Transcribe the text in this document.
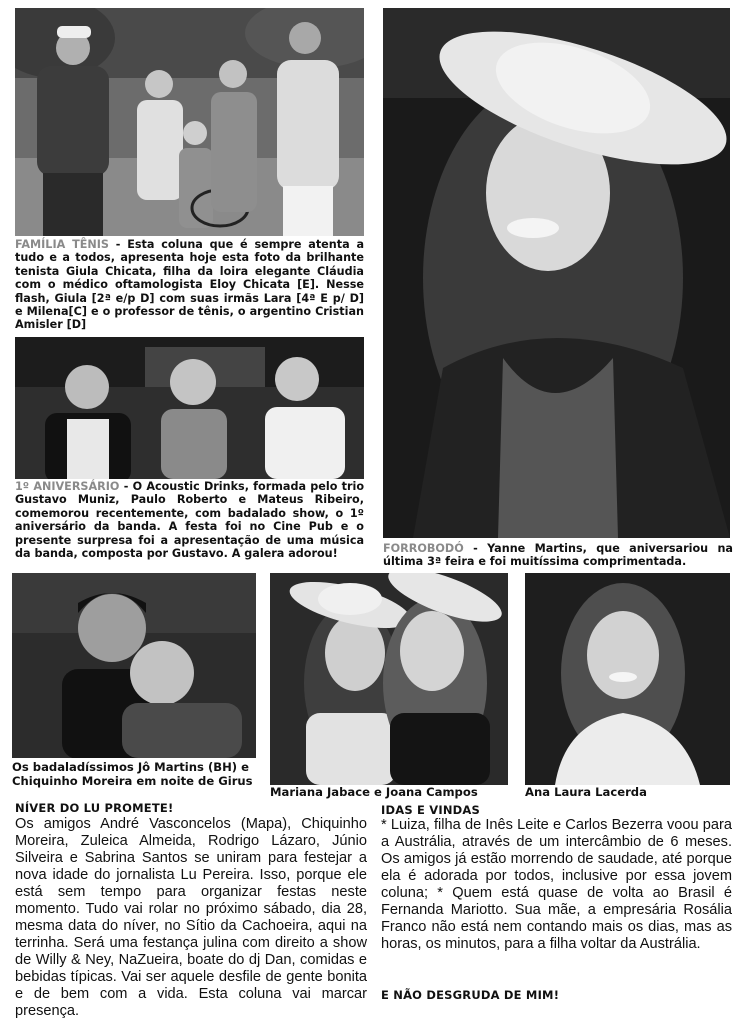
FAMÍLIA TÊNIS - Esta coluna que é sempre atenta a tudo e a todos, apresenta hoje esta foto da brilhante tenista Giula Chicata, filha da loira elegante Cláudia com o médico oftamologista Eloy Chicata [E]. Nesse flash, Giula [2ª e/p D] com suas irmãs Lara [4ª E p/ D] e Milena[C] e o professor de tênis, o argentino Cristian Amisler [D]

1º ANIVERSÁRIO - O Acoustic Drinks, formada pelo trio Gustavo Muniz, Paulo Roberto e Mateus Ribeiro, comemorou recentemente, com badalado show, o 1º aniversário da banda. A festa foi no Cine Pub e o presente surpresa foi a apresentação de uma música da banda, composta por Gustavo. A galera adorou!	FORROBODÓ - Yanne Martins, que aniversariou na última 3ª feira e foi muitíssima comprimentada.

Os badaladíssimos Jô Martins (BH) e Chiquinho Moreira em noite de Girus

Mariana Jabace e Joana Campos	Ana Laura Lacerda

NÍVER DO LU PROMETE!

Os amigos André Vasconcelos (Mapa), Chiquinho Moreira, Zuleica Almeida, Rodrigo Lázaro, Júnio Silveira e Sabrina Santos se uniram para festejar a nova idade do jornalista Lu Pereira. Isso, porque ele está sem tempo para organizar festas neste momento. Tudo vai rolar no próximo sábado, dia 28, mesma data do níver, no Sítio da Cachoeira, aqui na terrinha. Será uma festança julina com direito a show de Willy & Ney, NaZueira, boate do dj Dan, comidas e bebidas típicas. Vai ser aquele desfile de gente bonita e de bem com a vida. Esta coluna vai marcar presença.

IDAS E VINDAS

* Luiza, filha de Inês Leite e Carlos Bezerra voou para a Austrália, através de um intercâmbio de 6 meses. Os amigos já estão morrendo de saudade, até porque ela é adorada por todos, inclusive por essa jovem coluna; * Quem está quase de volta ao Brasil é Fernanda Mariotto. Sua mãe, a empresária Rosália Franco não está nem contando mais os dias, mas as horas, os minutos, para a filha voltar da Austrália.

E NÃO DESGRUDA DE MIM!
